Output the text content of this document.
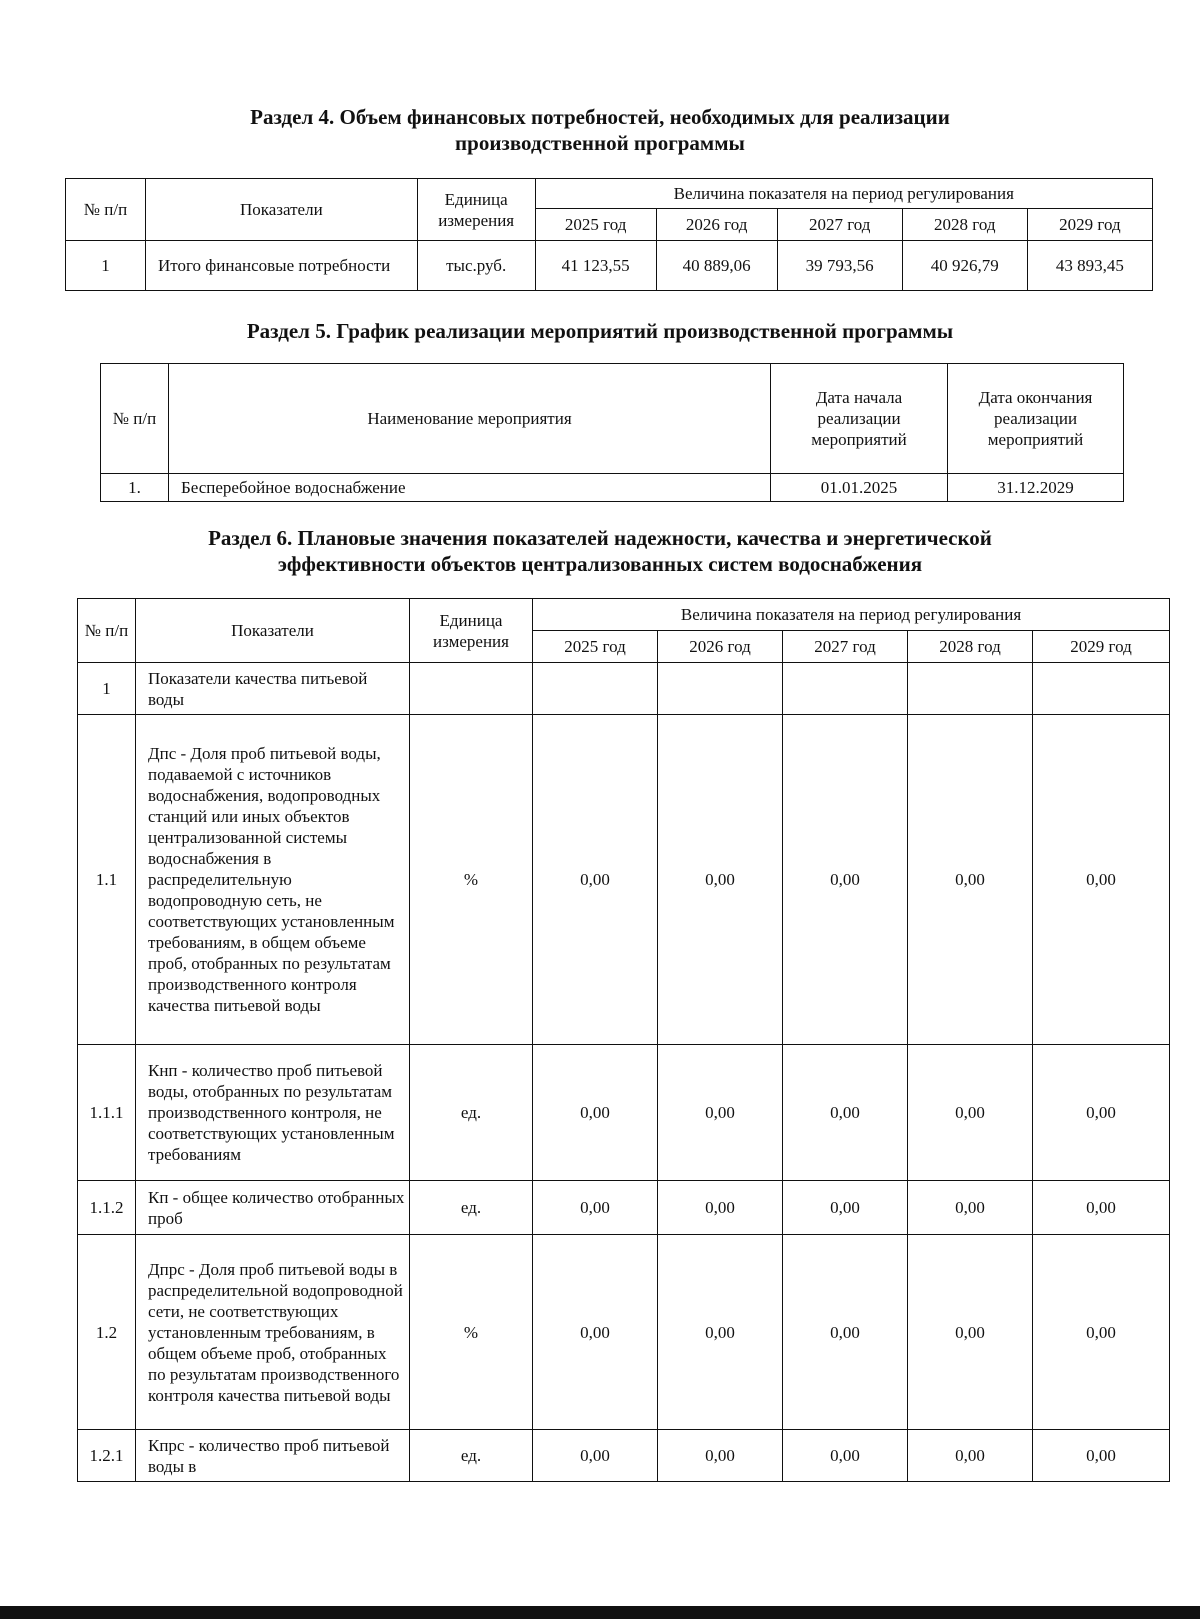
Раздел 4. Объем финансовых потребностей, необходимых для реализации
производственной программы
№ п/п	Показатели	Единица измерения	Величина показателя на период регулирования				
			2025 год	2026 год	2027 год	2028 год	2029 год
1	Итого финансовые потребности	тыс.руб.	41 123,55	40 889,06	39 793,56	40 926,79	43 893,45
Раздел 5. График реализации мероприятий производственной программы
№ п/п	Наименование мероприятия	Дата начала реализации мероприятий	Дата окончания реализации мероприятий
1.	Бесперебойное водоснабжение	01.01.2025	31.12.2029
Раздел 6. Плановые значения показателей надежности, качества и энергетической
эффективности объектов централизованных систем водоснабжения
№ п/п	Показатели	Единица измерения	Величина показателя на период регулирования				
			2025 год	2026 год	2027 год	2028 год	2029 год
1	Показатели качества питьевой воды						
1.1	Дпс - Доля проб питьевой воды, подаваемой с источников водоснабжения, водопроводных станций или иных объектов централизованной системы водоснабжения в распределительную водопроводную сеть, не соответствующих установленным требованиям, в общем объеме проб, отобранных по результатам производственного контроля качества питьевой воды	%	0,00	0,00	0,00	0,00	0,00
1.1.1	Кнп - количество проб питьевой воды, отобранных по результатам производственного контроля, не соответствующих установленным требованиям	ед.	0,00	0,00	0,00	0,00	0,00
1.1.2	Кп - общее количество отобранных проб	ед.	0,00	0,00	0,00	0,00	0,00
1.2	Дпрс - Доля проб питьевой воды в распределительной водопроводной сети, не соответствующих установленным требованиям, в общем объеме проб, отобранных по результатам производственного контроля качества питьевой воды	%	0,00	0,00	0,00	0,00	0,00
1.2.1	Кпрс - количество проб питьевой воды в	ед.	0,00	0,00	0,00	0,00	0,00
